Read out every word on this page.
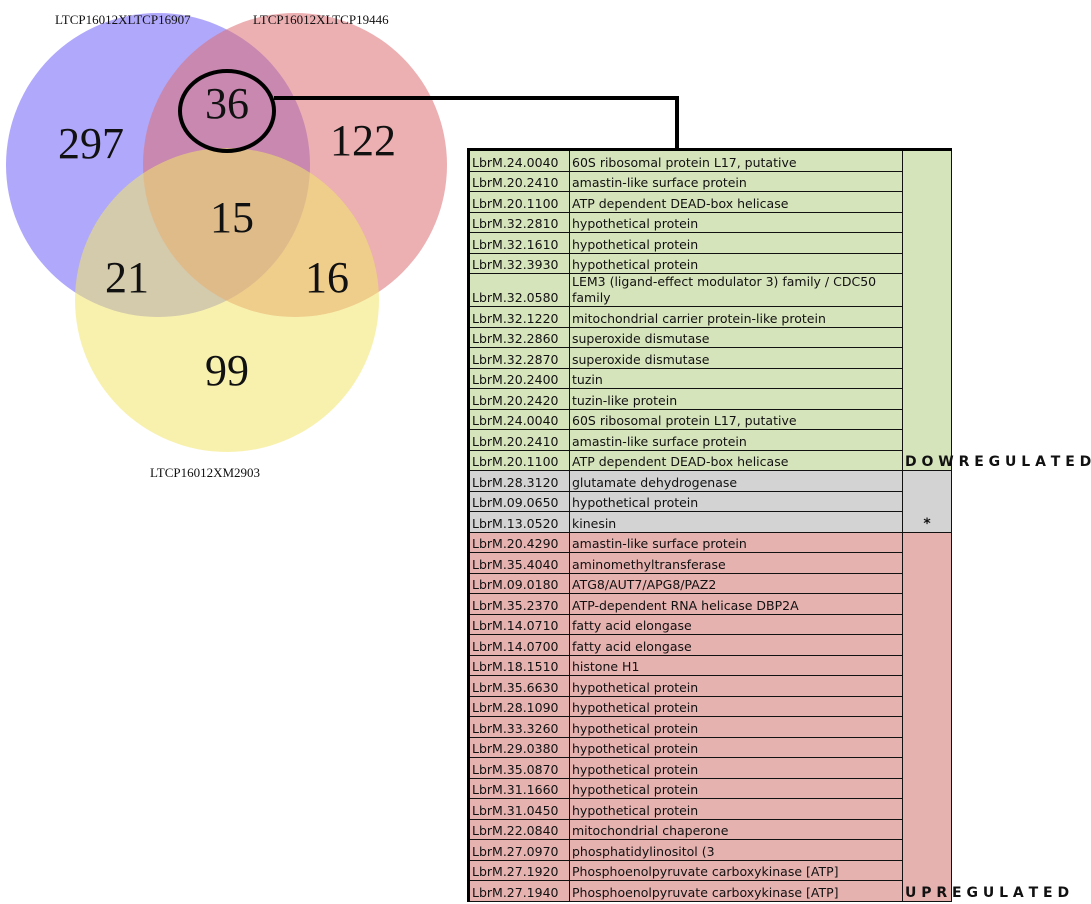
LTCP16012XLTCP16907	LTCP16012XLTCP19446
LTCP16012XM2903
297	122
36
15
21	16
99
LbrM.24.0040	60S ribosomal protein L17, putative	D O W R E G U L A T E D
LbrM.20.2410	amastin-like surface protein	
LbrM.20.1100	ATP dependent DEAD-box helicase	
LbrM.32.2810	hypothetical protein	
LbrM.32.1610	hypothetical protein	
LbrM.32.3930	hypothetical protein	
LbrM.32.0580	LEM3 (ligand-effect modulator 3) family / CDC50 family	
LbrM.32.1220	mitochondrial carrier protein-like protein	
LbrM.32.2860	superoxide dismutase	
LbrM.32.2870	superoxide dismutase	
LbrM.20.2400	tuzin	
LbrM.20.2420	tuzin-like protein	
LbrM.24.0040	60S ribosomal protein L17, putative	
LbrM.20.2410	amastin-like surface protein	
LbrM.20.1100	ATP dependent DEAD-box helicase	
LbrM.28.3120	glutamate dehydrogenase	*
LbrM.09.0650	hypothetical protein	
LbrM.13.0520	kinesin	
LbrM.20.4290	amastin-like surface protein	U P R E G U L A T E D
LbrM.35.4040	aminomethyltransferase	
LbrM.09.0180	ATG8/AUT7/APG8/PAZ2	
LbrM.35.2370	ATP-dependent RNA helicase DBP2A	
LbrM.14.0710	fatty acid elongase	
LbrM.14.0700	fatty acid elongase	
LbrM.18.1510	histone H1	
LbrM.35.6630	hypothetical protein	
LbrM.28.1090	hypothetical protein	
LbrM.33.3260	hypothetical protein	
LbrM.29.0380	hypothetical protein	
LbrM.35.0870	hypothetical protein	
LbrM.31.1660	hypothetical protein	
LbrM.31.0450	hypothetical protein	
LbrM.22.0840	mitochondrial chaperone	
LbrM.27.0970	phosphatidylinositol (3	
LbrM.27.1920	Phosphoenolpyruvate carboxykinase [ATP]	
LbrM.27.1940	Phosphoenolpyruvate carboxykinase [ATP]	
